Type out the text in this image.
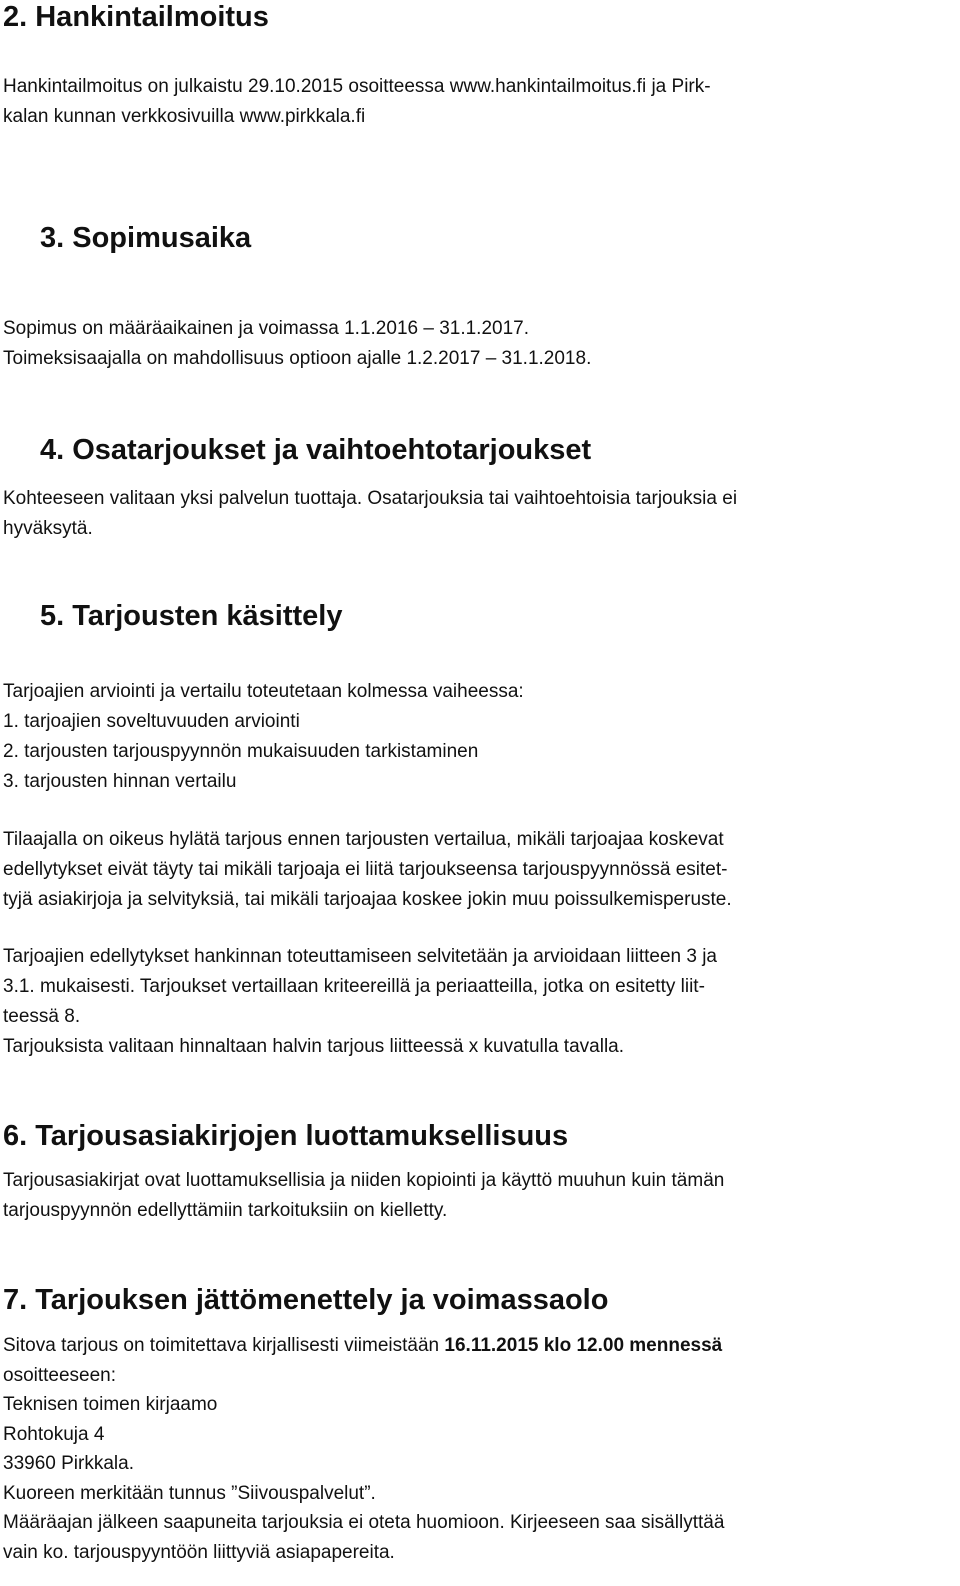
2. Hankintailmoitus
Hankintailmoitus on julkaistu 29.10.2015 osoitteessa www.hankintailmoitus.fi ja Pirk-
kalan kunnan verkkosivuilla www.pirkkala.fi
3. Sopimusaika
Sopimus on määräaikainen ja voimassa 1.1.2016 – 31.1.2017.
Toimeksisaajalla on mahdollisuus optioon ajalle 1.2.2017 – 31.1.2018.
4. Osatarjoukset ja vaihtoehtotarjoukset
Kohteeseen valitaan yksi palvelun tuottaja. Osatarjouksia tai vaihtoehtoisia tarjouksia ei
hyväksytä.
5. Tarjousten käsittely
Tarjoajien arviointi ja vertailu toteutetaan kolmessa vaiheessa:
1. tarjoajien soveltuvuuden arviointi
2. tarjousten tarjouspyynnön mukaisuuden tarkistaminen
3. tarjousten hinnan vertailu
Tilaajalla on oikeus hylätä tarjous ennen tarjousten vertailua, mikäli tarjoajaa koskevat
edellytykset eivät täyty tai mikäli tarjoaja ei liitä tarjoukseensa tarjouspyynnössä esitet-
tyjä asiakirjoja ja selvityksiä, tai mikäli tarjoajaa koskee jokin muu poissulkemisperuste.
Tarjoajien edellytykset hankinnan toteuttamiseen selvitetään ja arvioidaan liitteen 3 ja
3.1. mukaisesti. Tarjoukset vertaillaan kriteereillä ja periaatteilla, jotka on esitetty liit-
teessä 8.
Tarjouksista valitaan hinnaltaan halvin tarjous liitteessä x kuvatulla tavalla.
6. Tarjousasiakirjojen luottamuksellisuus
Tarjousasiakirjat ovat luottamuksellisia ja niiden kopiointi ja käyttö muuhun kuin tämän
tarjouspyynnön edellyttämiin tarkoituksiin on kielletty.
7. Tarjouksen jättömenettely ja voimassaolo
Sitova tarjous on toimitettava kirjallisesti viimeistään 16.11.2015 klo 12.00 mennessä
osoitteeseen:
Teknisen toimen kirjaamo
Rohtokuja 4
33960 Pirkkala.
Kuoreen merkitään tunnus ”Siivouspalvelut”.
Määräajan jälkeen saapuneita tarjouksia ei oteta huomioon. Kirjeeseen saa sisällyttää
vain ko. tarjouspyyntöön liittyviä asiapapereita.
